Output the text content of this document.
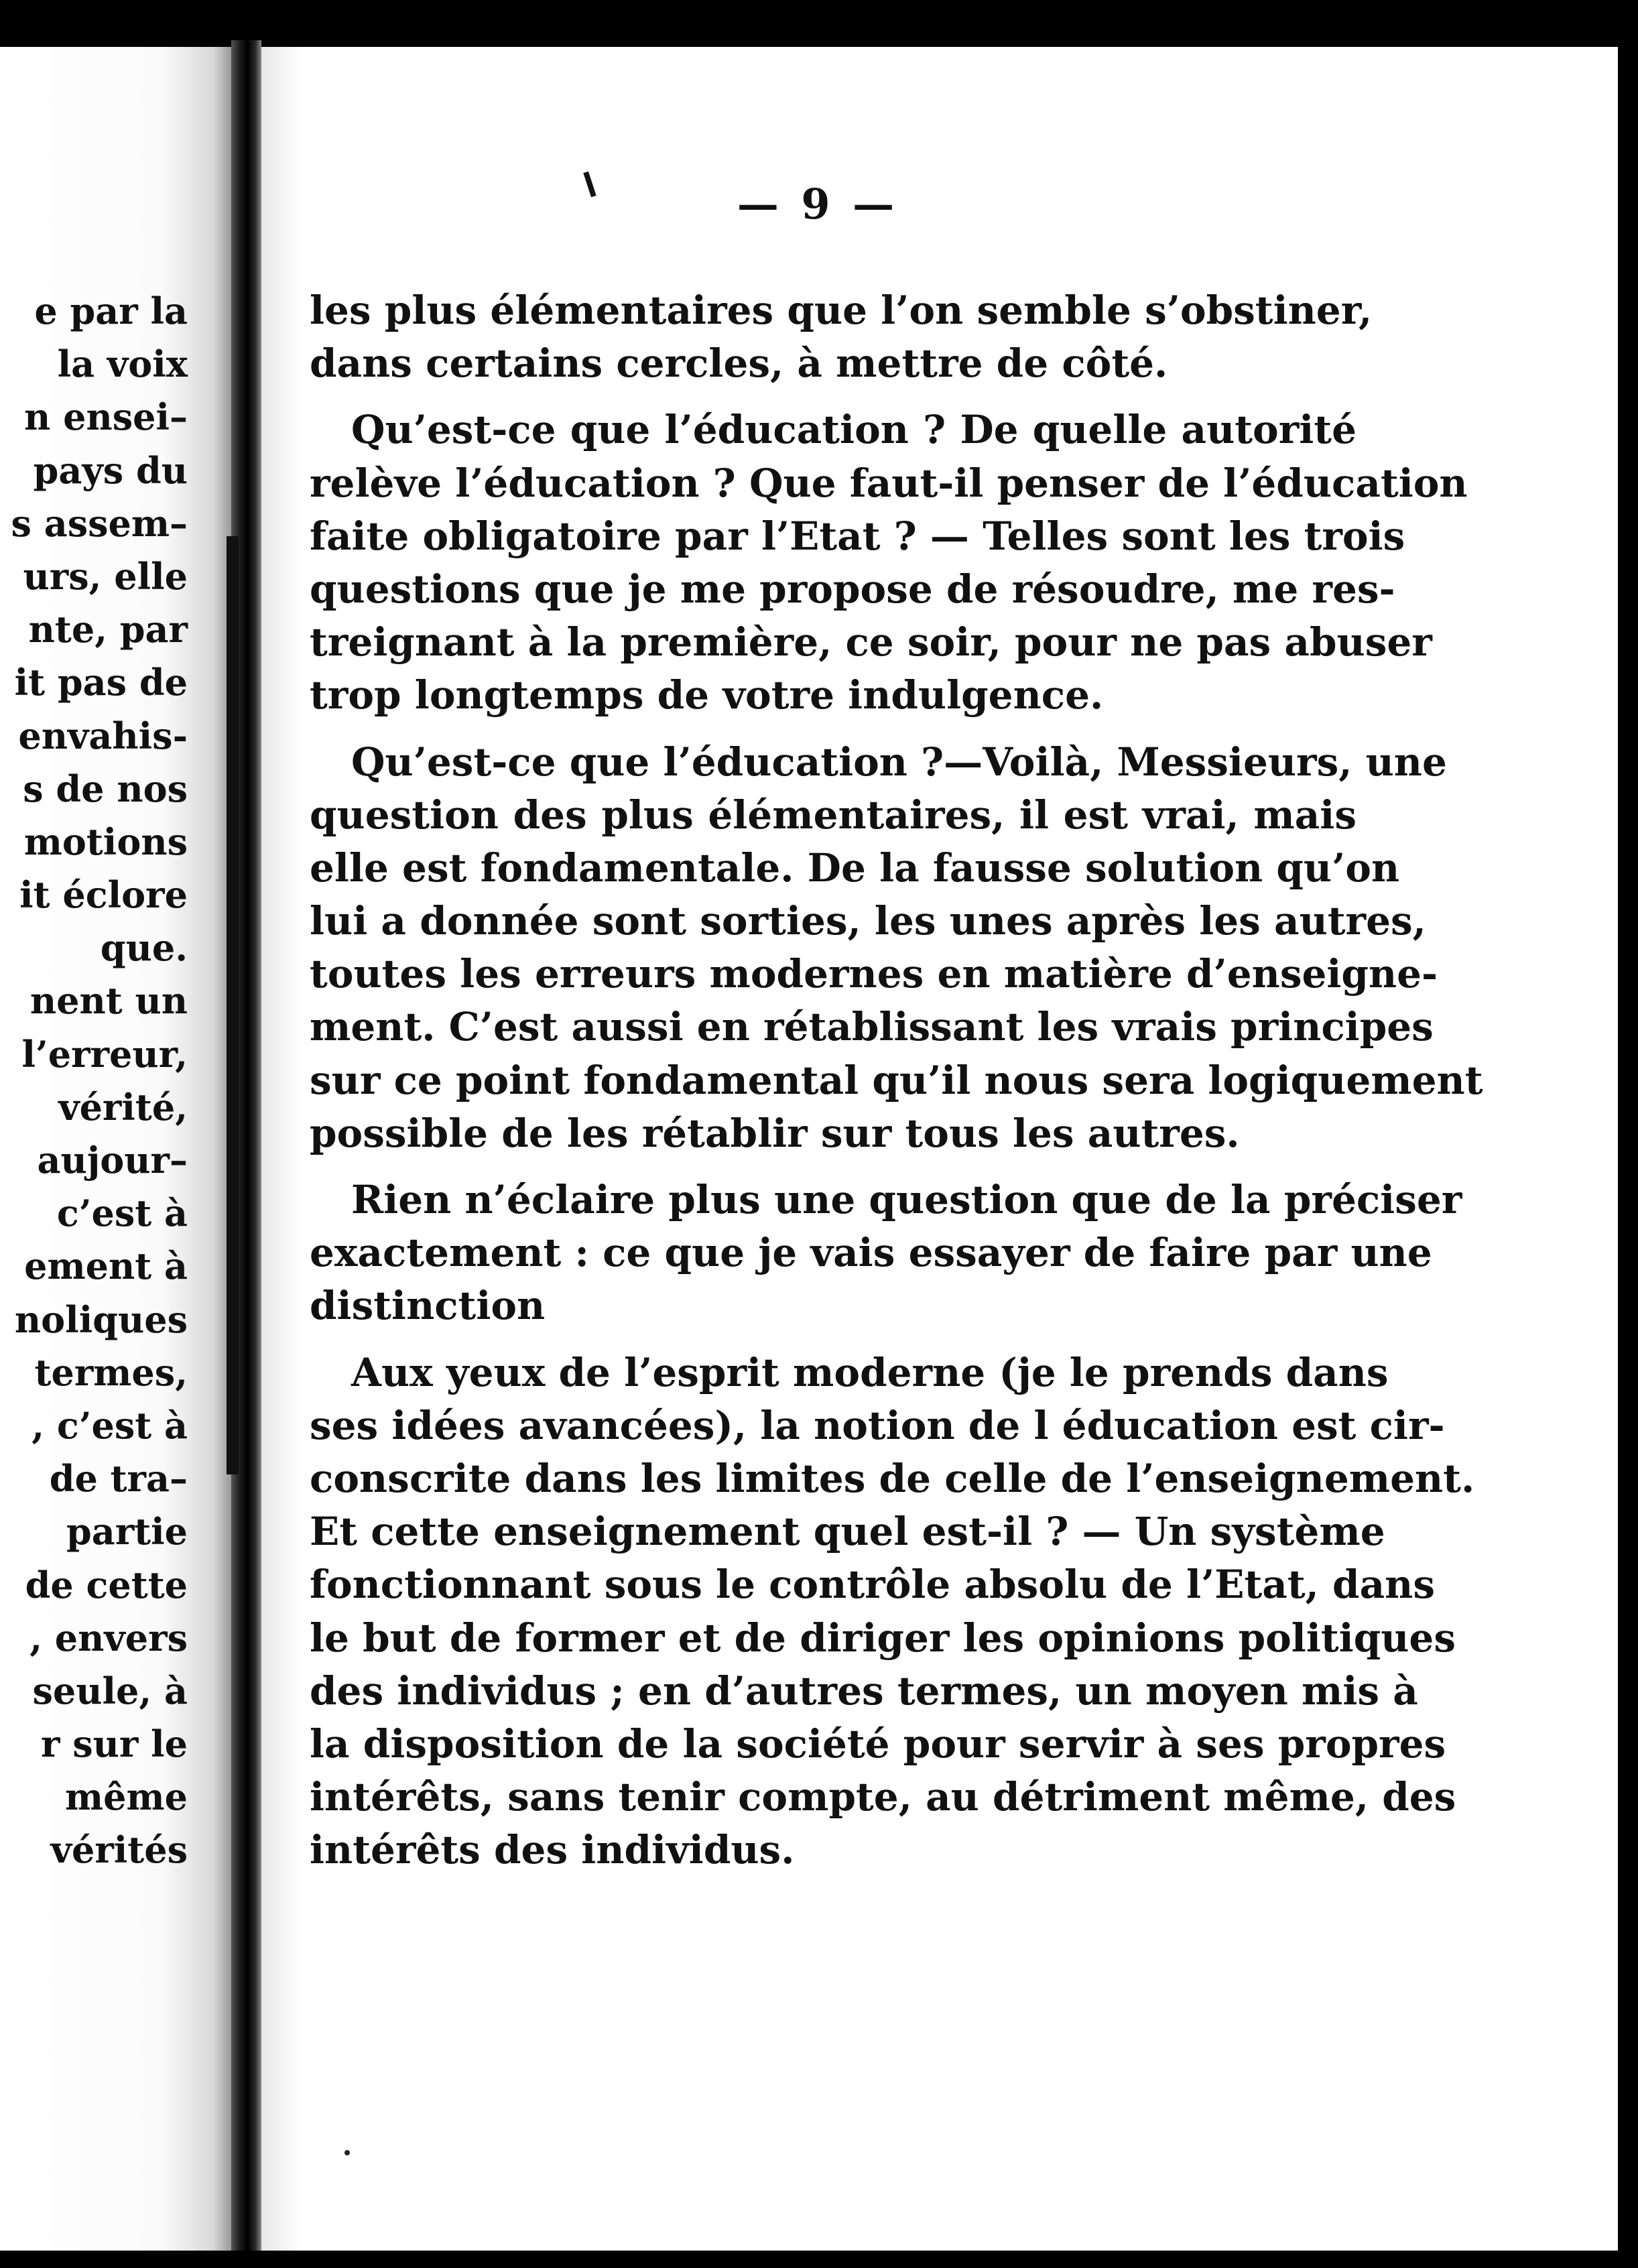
e par la
la voix
n ensei–
pays du
s assem–
urs, elle
nte, par
it pas de
envahis-
s de nos
motions
it éclore
que.
nent un
l’erreur,
vérité,
aujour–
c’est à
ement à
noliques
termes,
, c’est à
de tra–
partie
de cette
, envers
seule, à
r sur le
même
vérités
— 9 —
les plus élémentaires que l’on semble s’obstiner,
dans certains cercles, à mettre de côté.
Qu’est-ce que l’éducation ? De quelle autorité
relève l’éducation ? Que faut-il penser de l’éducation
faite obligatoire par l’Etat ? — Telles sont les trois
questions que je me propose de résoudre, me res-
treignant à la première, ce soir, pour ne pas abuser
trop longtemps de votre indulgence.
Qu’est-ce que l’éducation ?—Voilà, Messieurs, une
question des plus élémentaires, il est vrai, mais
elle est fondamentale. De la fausse solution qu’on
lui a donnée sont sorties, les unes après les autres,
toutes les erreurs modernes en matière d’enseigne-
ment. C’est aussi en rétablissant les vrais principes
sur ce point fondamental qu’il nous sera logiquement
possible de les rétablir sur tous les autres.
Rien n’éclaire plus une question que de la préciser
exactement : ce que je vais essayer de faire par une
distinction
Aux yeux de l’esprit moderne (je le prends dans
ses idées avancées), la notion de l éducation est cir-
conscrite dans les limites de celle de l’enseignement.
Et cette enseignement quel est-il ? — Un système
fonctionnant sous le contrôle absolu de l’Etat, dans
le but de former et de diriger les opinions politiques
des individus ; en d’autres termes, un moyen mis à
la disposition de la société pour servir à ses propres
intérêts, sans tenir compte, au détriment même, des
intérêts des individus.
